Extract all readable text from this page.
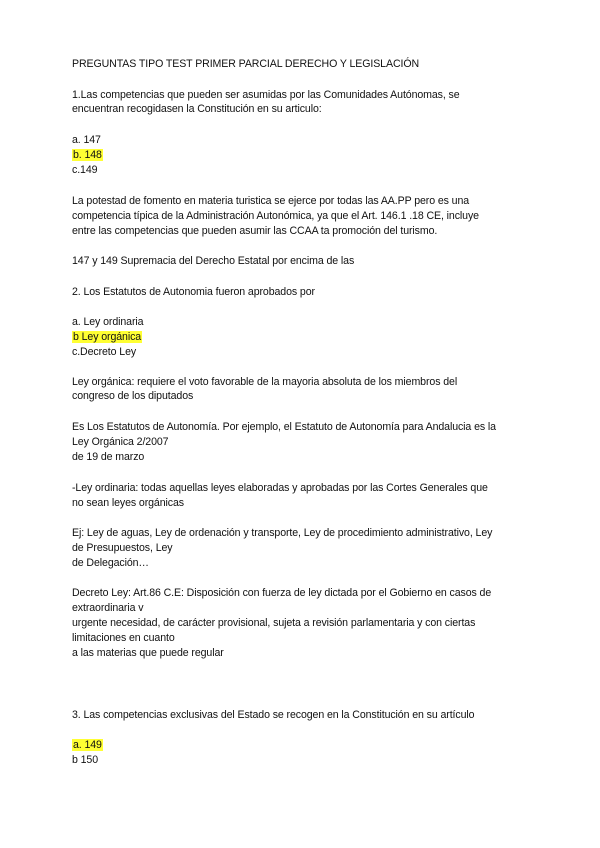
PREGUNTAS TIPO TEST PRIMER PARCIAL DERECHO Y LEGISLACIÓN
1.Las competencias que pueden ser asumidas por las Comunidades Autónomas, se
encuentran recogidasen la Constitución en su articulo:
a. 147
b. 148
c.149
La potestad de fomento en materia turistica se ejerce por todas las AA.PP pero es una
competencia típica de la Administración Autonómica, ya que el Art. 146.1 .18 CE, incluye
entre las competencias que pueden asumir las CCAA ta promoción del turismo.
147 y 149 Supremacia del Derecho Estatal por encima de las
2. Los Estatutos de Autonomia fueron aprobados por
a. Ley ordinaria
b Ley orgánica
c.Decreto Ley
Ley orgánica: requiere el voto favorable de la mayoria absoluta de los miembros del
congreso de los diputados
Es Los Estatutos de Autonomía. Por ejemplo, el Estatuto de Autonomía para Andalucia es la
Ley Orgánica 2/2007
de 19 de marzo
-Ley ordinaria: todas aquellas leyes elaboradas y aprobadas por las Cortes Generales que
no sean leyes orgánicas
Ej: Ley de aguas, Ley de ordenación y transporte, Ley de procedimiento administrativo, Ley
de Presupuestos, Ley
de Delegación…
Decreto Ley: Art.86 C.E: Disposición con fuerza de ley dictada por el Gobierno en casos de
extraordinaria v
urgente necesidad, de carácter provisional, sujeta a revisión parlamentaria y con ciertas
limitaciones en cuanto
a las materias que puede regular
3. Las competencias exclusivas del Estado se recogen en la Constitución en su artículo
a. 149
b 150
